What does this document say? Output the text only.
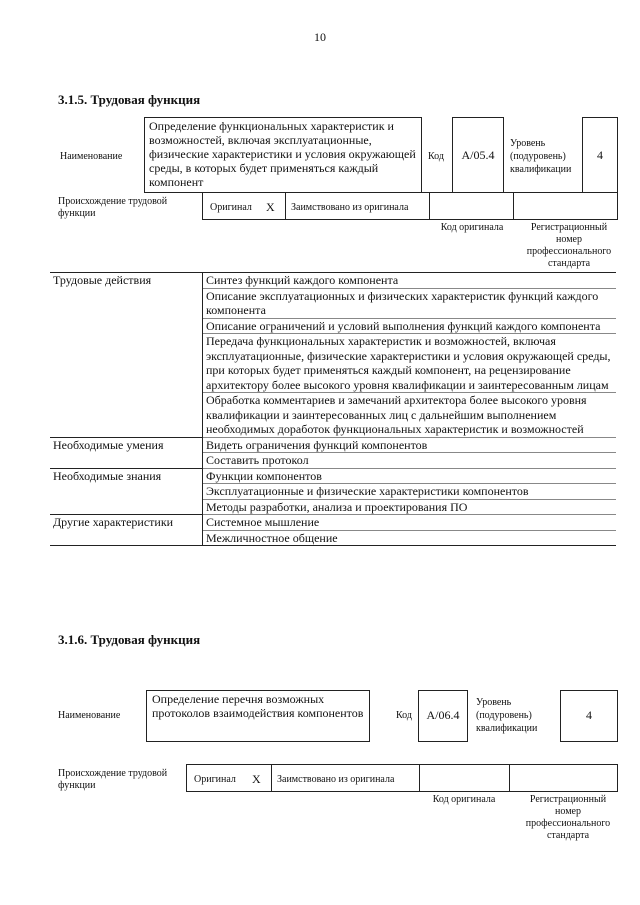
10
3.1.5. Трудовая функция
Наименование
Определение функциональных характеристик и возможностей, включая эксплуатационные, физические характеристики и условия окружающей среды, в которых будет применяться каждый компонент
Код	A/05.4
Уровень (подуровень) квалификации
4
Происхождение трудовой функции
Оригинал X Заимствовано из оригинала
Код оригинала	Регистрационный номер профессионального стандарта
Трудовые действия	Синтез функций каждого компонента
	Описание эксплуатационных и физических характеристик функций каждого компонента
	Описание ограничений и условий выполнения функций каждого компонента
	Передача функциональных характеристик и возможностей, включая эксплуатационные, физические характеристики и условия окружающей среды, при которых будет применяться каждый компонент, на рецензирование архитектору более высокого уровня квалификации и заинтересованным лицам
	Обработка комментариев и замечаний архитектора более высокого уровня квалификации и заинтересованных лиц с дальнейшим выполнением необходимых доработок функциональных характеристик и возможностей
Необходимые умения	Видеть ограничения функций компонентов
	Составить протокол
Необходимые знания	Функции компонентов
	Эксплуатационные и физические характеристики компонентов
	Методы разработки, анализа и проектирования ПО
Другие характеристики	Системное мышление
	Межличностное общение
3.1.6. Трудовая функция
Наименование
Определение перечня возможных протоколов взаимодействия компонентов	Код	A/06.4
Уровень (подуровень) квалификации
4
Происхождение трудовой функции
Оригинал X Заимствовано из оригинала
Код оригинала	Регистрационный номер профессионального стандарта
